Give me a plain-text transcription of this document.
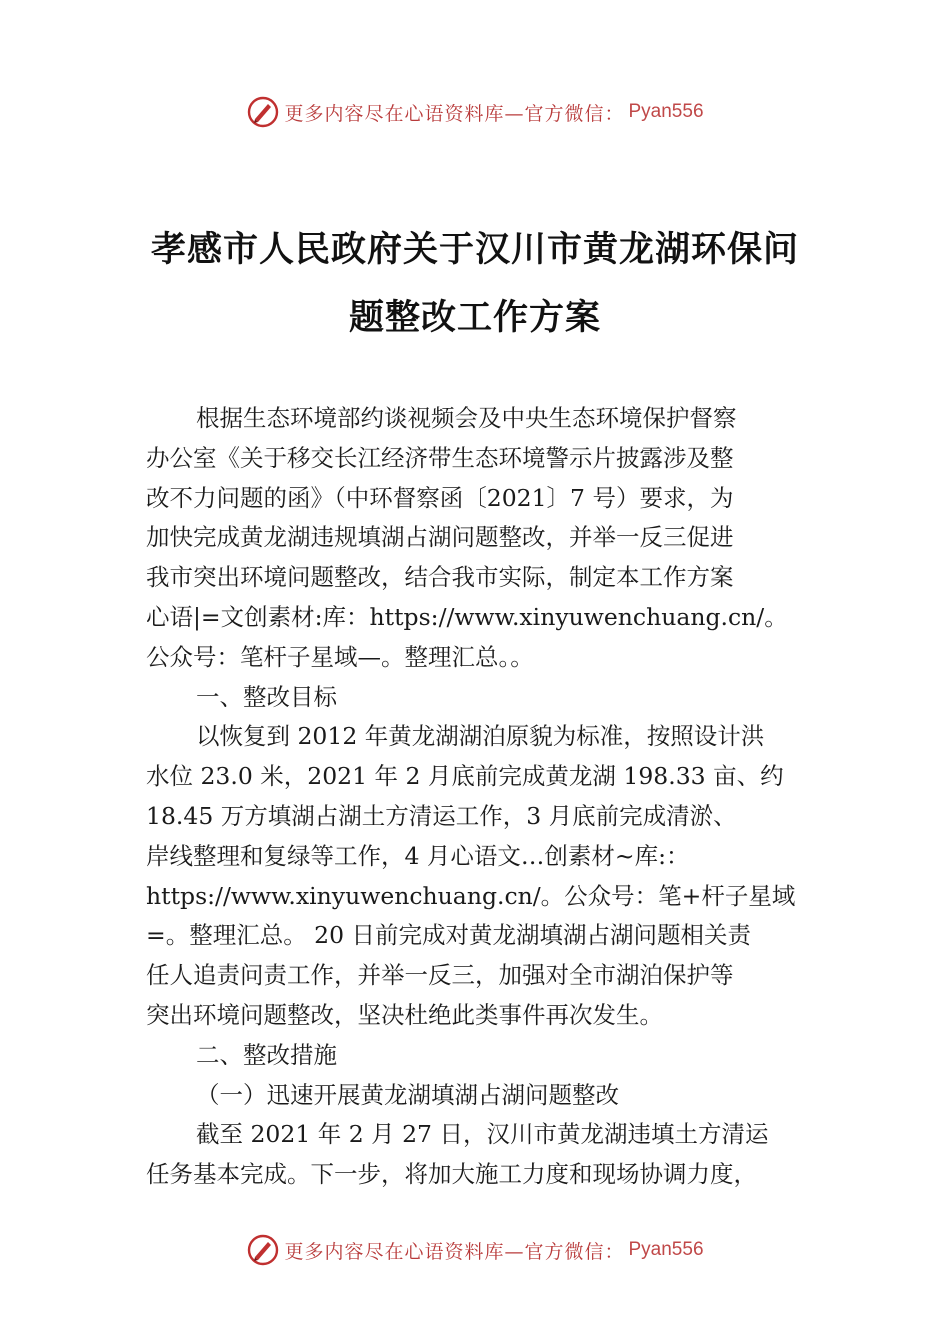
更多内容尽在心语资料库—官方微信： Pyan556
孝感市人民政府关于汉川市黄龙湖环保问
题整改工作方案
根据生态环境部约谈视频会及中央生态环境保护督察
办公室《关于移交长江经济带生态环境警示片披露涉及整
改不力问题的函》（中环督察函〔2021〕7 号）要求，为
加快完成黄龙湖违规填湖占湖问题整改，并举一反三促进
我市突出环境问题整改，结合我市实际，制定本工作方案
心语|=文创素材:库：https://www.xinyuwenchuang.cn/。
公众号：笔杆子星域—。整理汇总。。
一、整改目标
以恢复到 2012 年黄龙湖湖泊原貌为标准，按照设计洪
水位 23.0 米，2021 年 2 月底前完成黄龙湖 198.33 亩、约
18.45 万方填湖占湖土方清运工作，3 月底前完成清淤、
岸线整理和复绿等工作，4 月心语文…创素材~库:：
https://www.xinyuwenchuang.cn/。公众号：笔+杆子星域
=。整理汇总。 20 日前完成对黄龙湖填湖占湖问题相关责
任人追责问责工作，并举一反三，加强对全市湖泊保护等
突出环境问题整改，坚决杜绝此类事件再次发生。
二、整改措施
（一）迅速开展黄龙湖填湖占湖问题整改
截至 2021 年 2 月 27 日，汉川市黄龙湖违填土方清运
任务基本完成。下一步，将加大施工力度和现场协调力度，
更多内容尽在心语资料库—官方微信： Pyan556
